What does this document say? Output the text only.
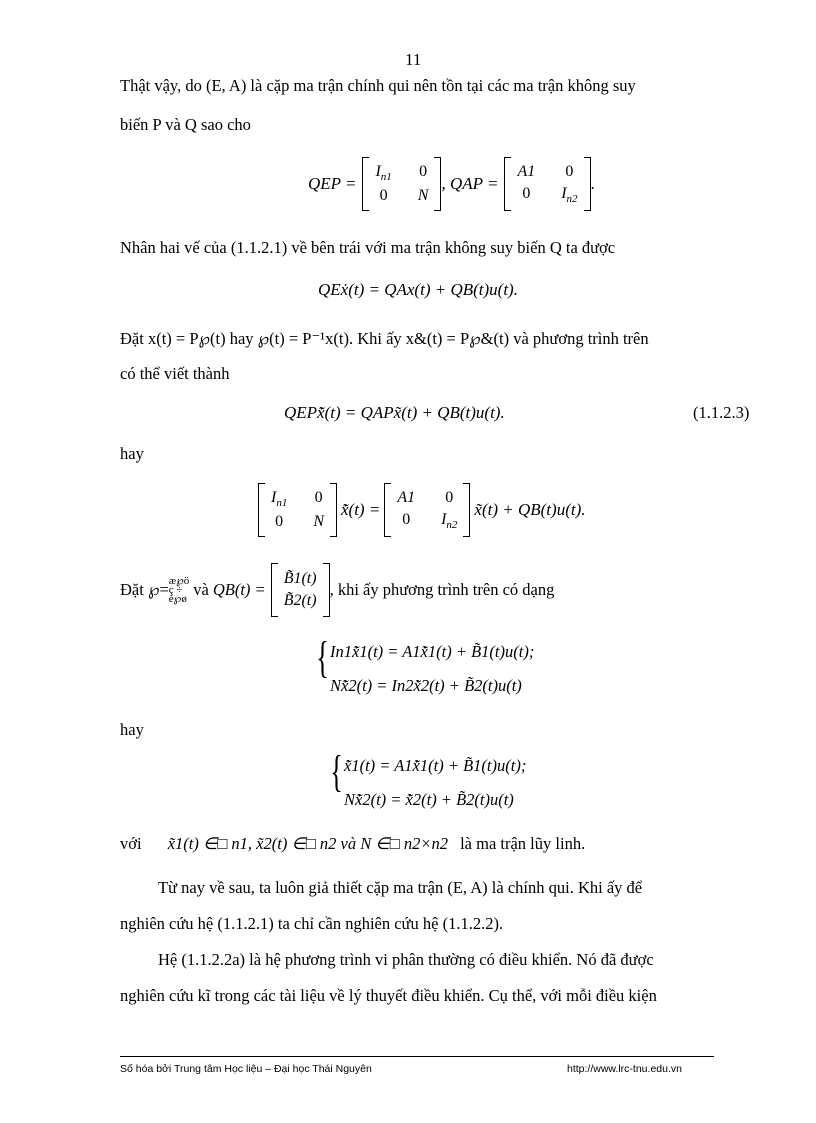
11
Thật vậy, do (E, A) là cặp ma trận chính qui nên tồn tại các ma trận không suy
biến P và Q sao cho
QEP =
$I_{n1}$ 0
0 N
, QAP =
A1 0
0	$I_{n2}$
.
Nhân hai vế của (1.1.2.1) về bên trái với ma trận không suy biến Q ta được
QEẋ(t) = QAx(t) + QB(t)u(t).
Đặt x(t) = P℘(t) hay ℘(t) = P⁻¹x(t). Khi ấy x&(t) = P℘&(t) và phương trình trên
có thể viết thành
QEPx̃̇(t) = QAPx̃(t) + QB(t)u(t).	(1.1.2.3)
hay
$I_{n1}$ 0
0 N
x̃̇(t) =
A1 0
0	$I_{n2}$
x̃(t) + QB(t)u(t).
Đặt ℘= æ℘ö
ç ÷
è℘ø và QB(t) =
B̃1(t)
B̃2(t)
, khi ấy phương trình trên có dạng
{ In1x̃̇1(t) = A1x̃̇1(t) + B̃1(t)u(t);
Nx̃̇2(t) = In2x̃̇2(t) + B̃2(t)u(t)
hay
{ x̃̇1(t) = A1x̃̇1(t) + B̃1(t)u(t);
Nx̃̇2(t) = x̃̇2(t) + B̃2(t)u(t)
với x̃1(t) ∈□ n1, x̃2(t) ∈□ n2 và N ∈□ n2×n2 là ma trận lũy linh.
Từ nay về sau, ta luôn giả thiết cặp ma trận (E, A) là chính qui. Khi ấy để
nghiên cứu hệ (1.1.2.1) ta chỉ cần nghiên cứu hệ (1.1.2.2).
Hệ (1.1.2.2a) là hệ phương trình vi phân thường có điều khiển. Nó đã được
nghiên cứu kĩ trong các tài liệu về lý thuyết điều khiển. Cụ thể, với mỗi điều kiện
Số hóa bởi Trung tâm Học liệu – Đại học Thái Nguyên	http://www.lrc-tnu.edu.vn
